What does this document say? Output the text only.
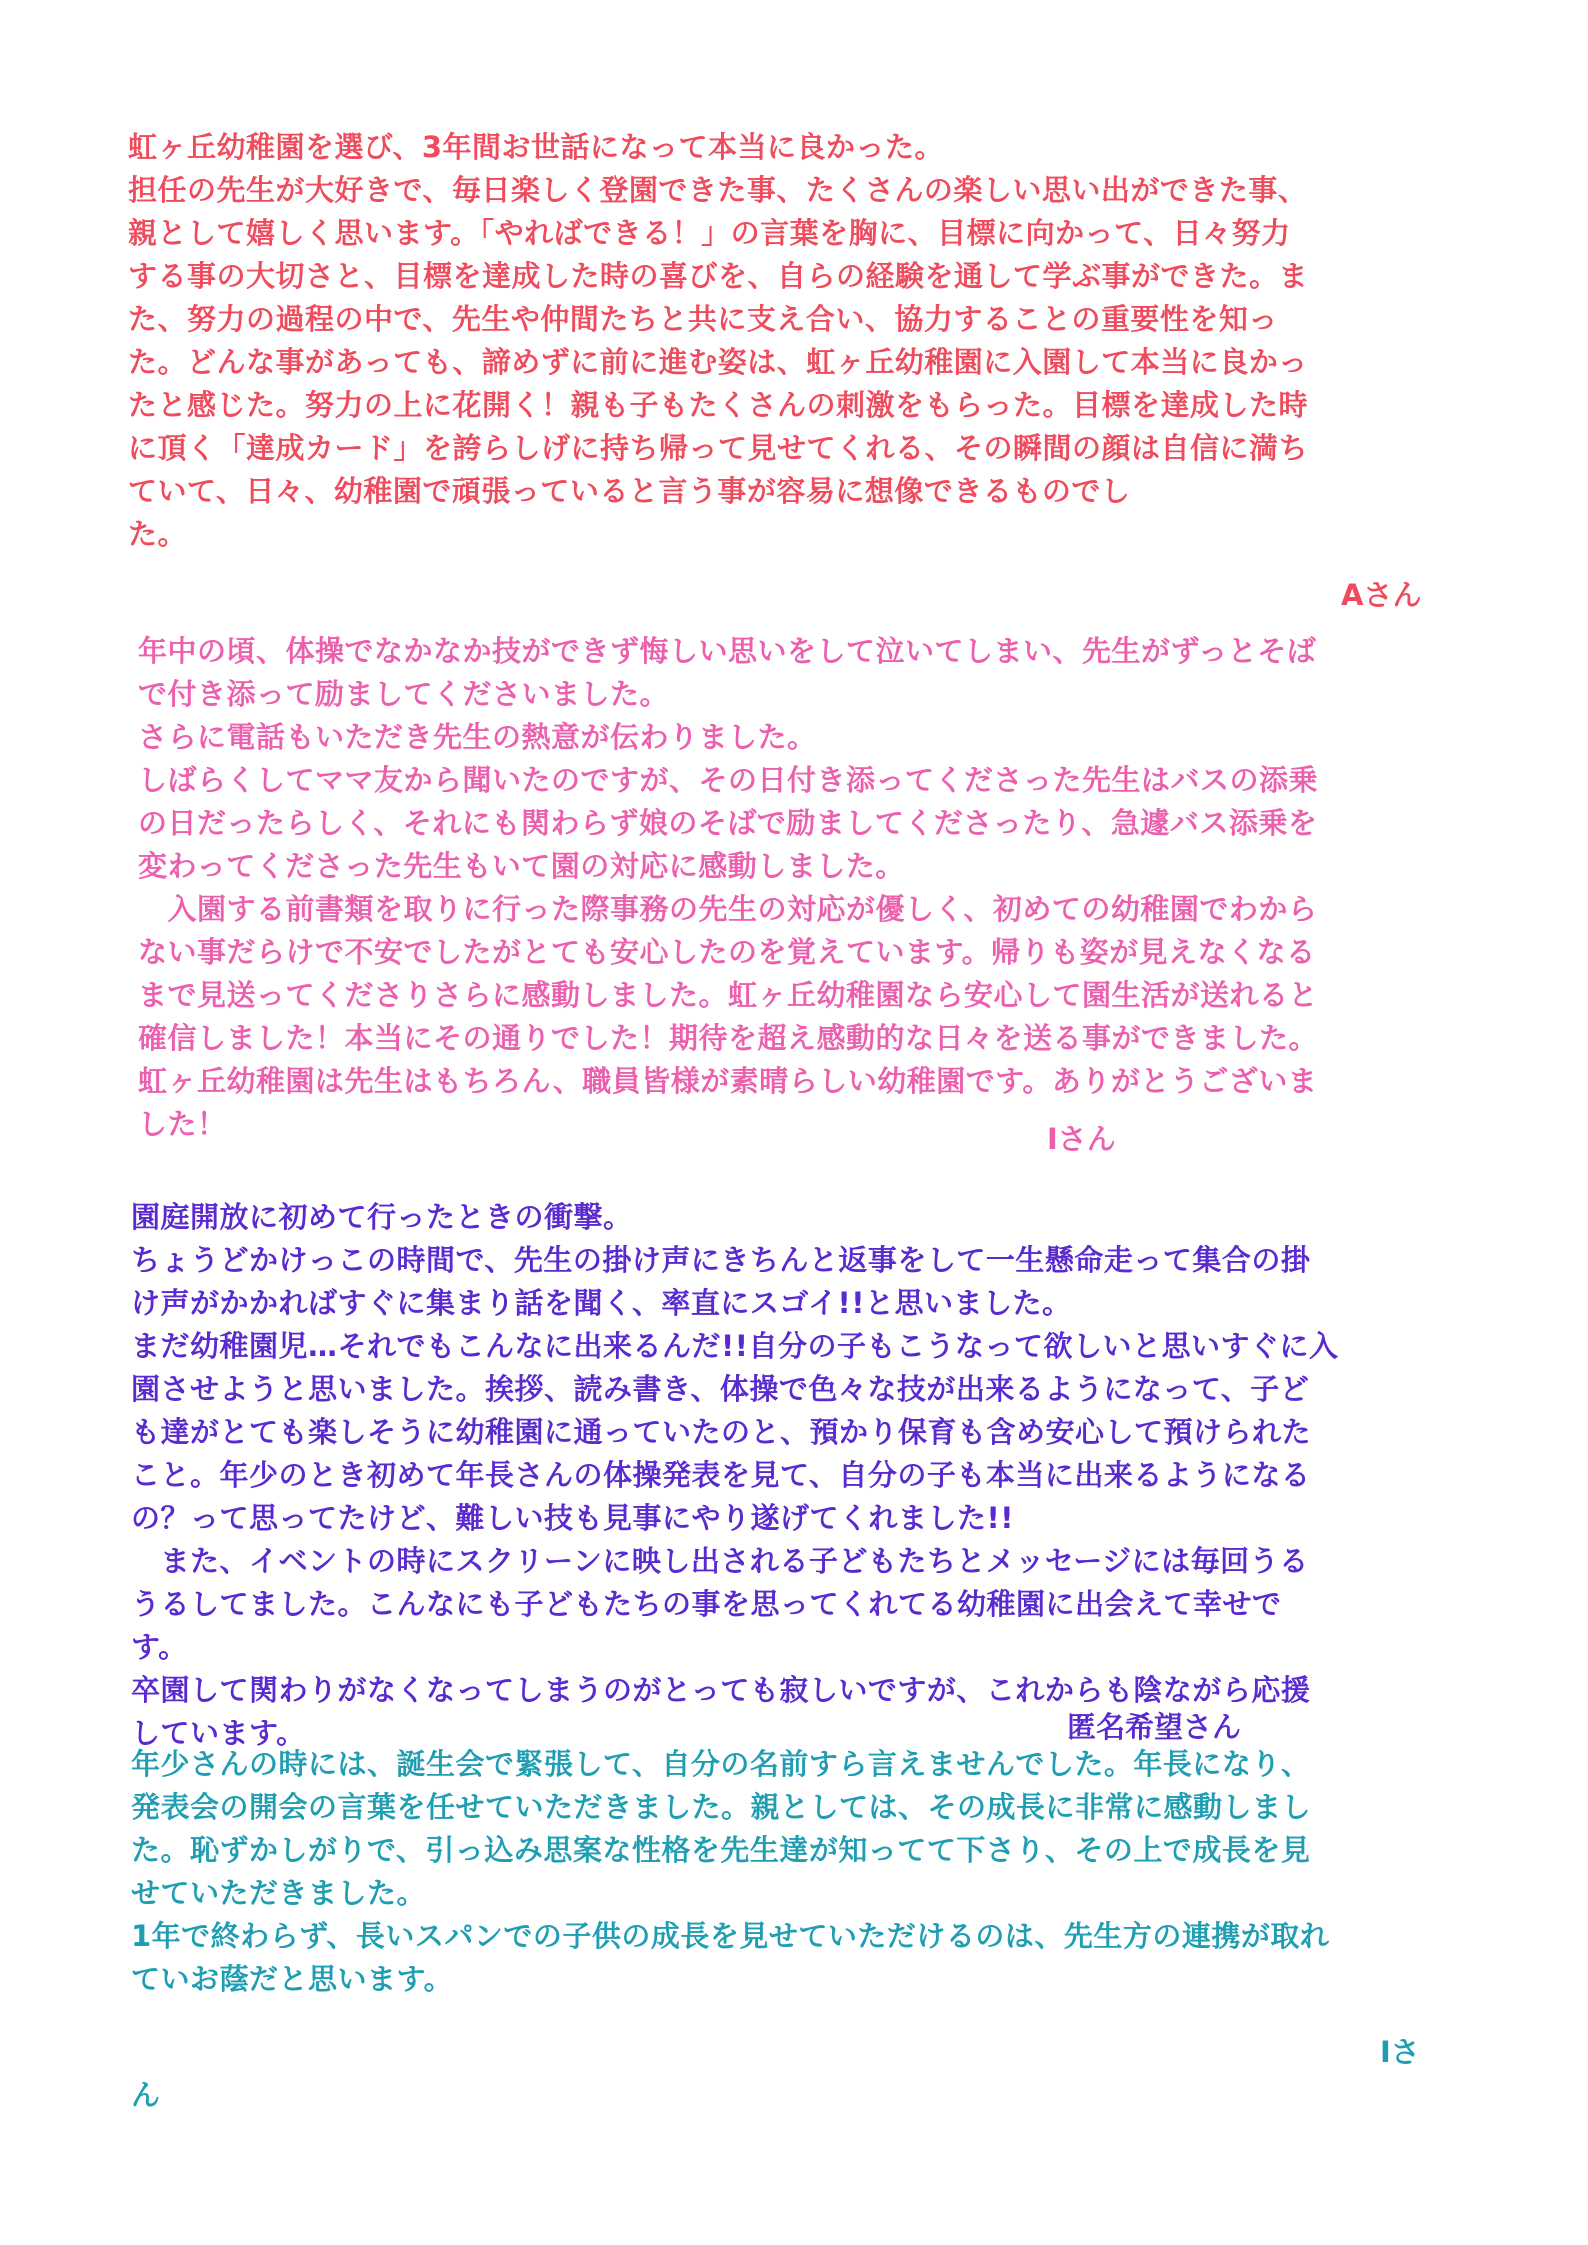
虹ヶ丘幼稚園を選び、3年間お世話になって本当に良かった。
担任の先生が大好きで、毎日楽しく登園できた事、たくさんの楽しい思い出ができた事、
親として嬉しく思います。「やればできる！」の言葉を胸に、目標に向かって、日々努力
する事の大切さと、目標を達成した時の喜びを、自らの経験を通して学ぶ事ができた。ま
た、努力の過程の中で、先生や仲間たちと共に支え合い、協力することの重要性を知っ
た。どんな事があっても、諦めずに前に進む姿は、虹ヶ丘幼稚園に入園して本当に良かっ
たと感じた。努力の上に花開く！親も子もたくさんの刺激をもらった。目標を達成した時
に頂く「達成カード」を誇らしげに持ち帰って見せてくれる、その瞬間の顔は自信に満ち
ていて、日々、幼稚園で頑張っていると言う事が容易に想像できるものでし
た。
Aさん
年中の頃、体操でなかなか技ができず悔しい思いをして泣いてしまい、先生がずっとそば
で付き添って励ましてくださいました。
さらに電話もいただき先生の熱意が伝わりました。
しばらくしてママ友から聞いたのですが、その日付き添ってくださった先生はバスの添乗
の日だったらしく、それにも関わらず娘のそばで励ましてくださったり、急遽バス添乗を
変わってくださった先生もいて園の対応に感動しました。
　入園する前書類を取りに行った際事務の先生の対応が優しく、初めての幼稚園でわから
ない事だらけで不安でしたがとても安心したのを覚えています。帰りも姿が見えなくなる
まで見送ってくださりさらに感動しました。虹ヶ丘幼稚園なら安心して園生活が送れると
確信しました！本当にその通りでした！期待を超え感動的な日々を送る事ができました。
虹ヶ丘幼稚園は先生はもちろん、職員皆様が素晴らしい幼稚園です。ありがとうございま
した！	Iさん
園庭開放に初めて行ったときの衝撃。
ちょうどかけっこの時間で、先生の掛け声にきちんと返事をして一生懸命走って集合の掛
け声がかかればすぐに集まり話を聞く、率直にスゴイ!!と思いました。
まだ幼稚園児…それでもこんなに出来るんだ!!自分の子もこうなって欲しいと思いすぐに入
園させようと思いました。挨拶、読み書き、体操で色々な技が出来るようになって、子ど
も達がとても楽しそうに幼稚園に通っていたのと、預かり保育も含め安心して預けられた
こと。年少のとき初めて年長さんの体操発表を見て、自分の子も本当に出来るようになる
の？って思ってたけど、難しい技も見事にやり遂げてくれました!!
　また、イベントの時にスクリーンに映し出される子どもたちとメッセージには毎回うる
うるしてました。こんなにも子どもたちの事を思ってくれてる幼稚園に出会えて幸せで
す。
卒園して関わりがなくなってしまうのがとっても寂しいですが、これからも陰ながら応援
しています。	匿名希望さん
年少さんの時には、誕生会で緊張して、自分の名前すら言えませんでした。年長になり、
発表会の開会の言葉を任せていただきました。親としては、その成長に非常に感動しまし
た。恥ずかしがりで、引っ込み思案な性格を先生達が知ってて下さり、その上で成長を見
せていただきました。
1年で終わらず、長いスパンでの子供の成長を見せていただけるのは、先生方の連携が取れ
ていお蔭だと思います。
Iさ
ん
